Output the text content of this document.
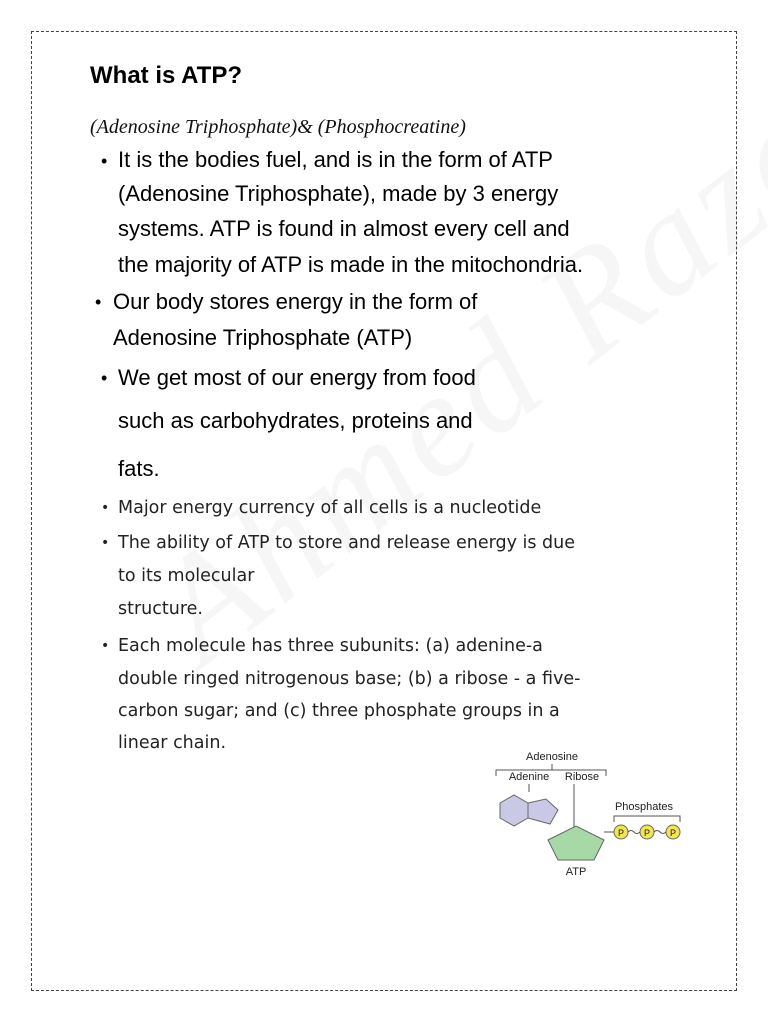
What is ATP?

(Adenosine Triphosphate)& (Phosphocreatine)

• It is the bodies fuel, and is in the form of ATP
(Adenosine Triphosphate), made by 3 energy
systems. ATP is found in almost every cell and
the majority of ATP is made in the mitochondria.
• Our body stores energy in the form of
Adenosine Triphosphate (ATP)
• We get most of our energy from food
such as carbohydrates, proteins and
fats.
• Major energy currency of all cells is a nucleotide
• The ability of ATP to store and release energy is due
to its molecular
structure.
• Each molecule has three subunits: (a) adenine-a
double ringed nitrogenous base; (b) a ribose - a five-
carbon sugar; and (c) three phosphate groups in a
linear chain.
Adenosine
Adenine Ribose
Phosphates
P P P
ATP
